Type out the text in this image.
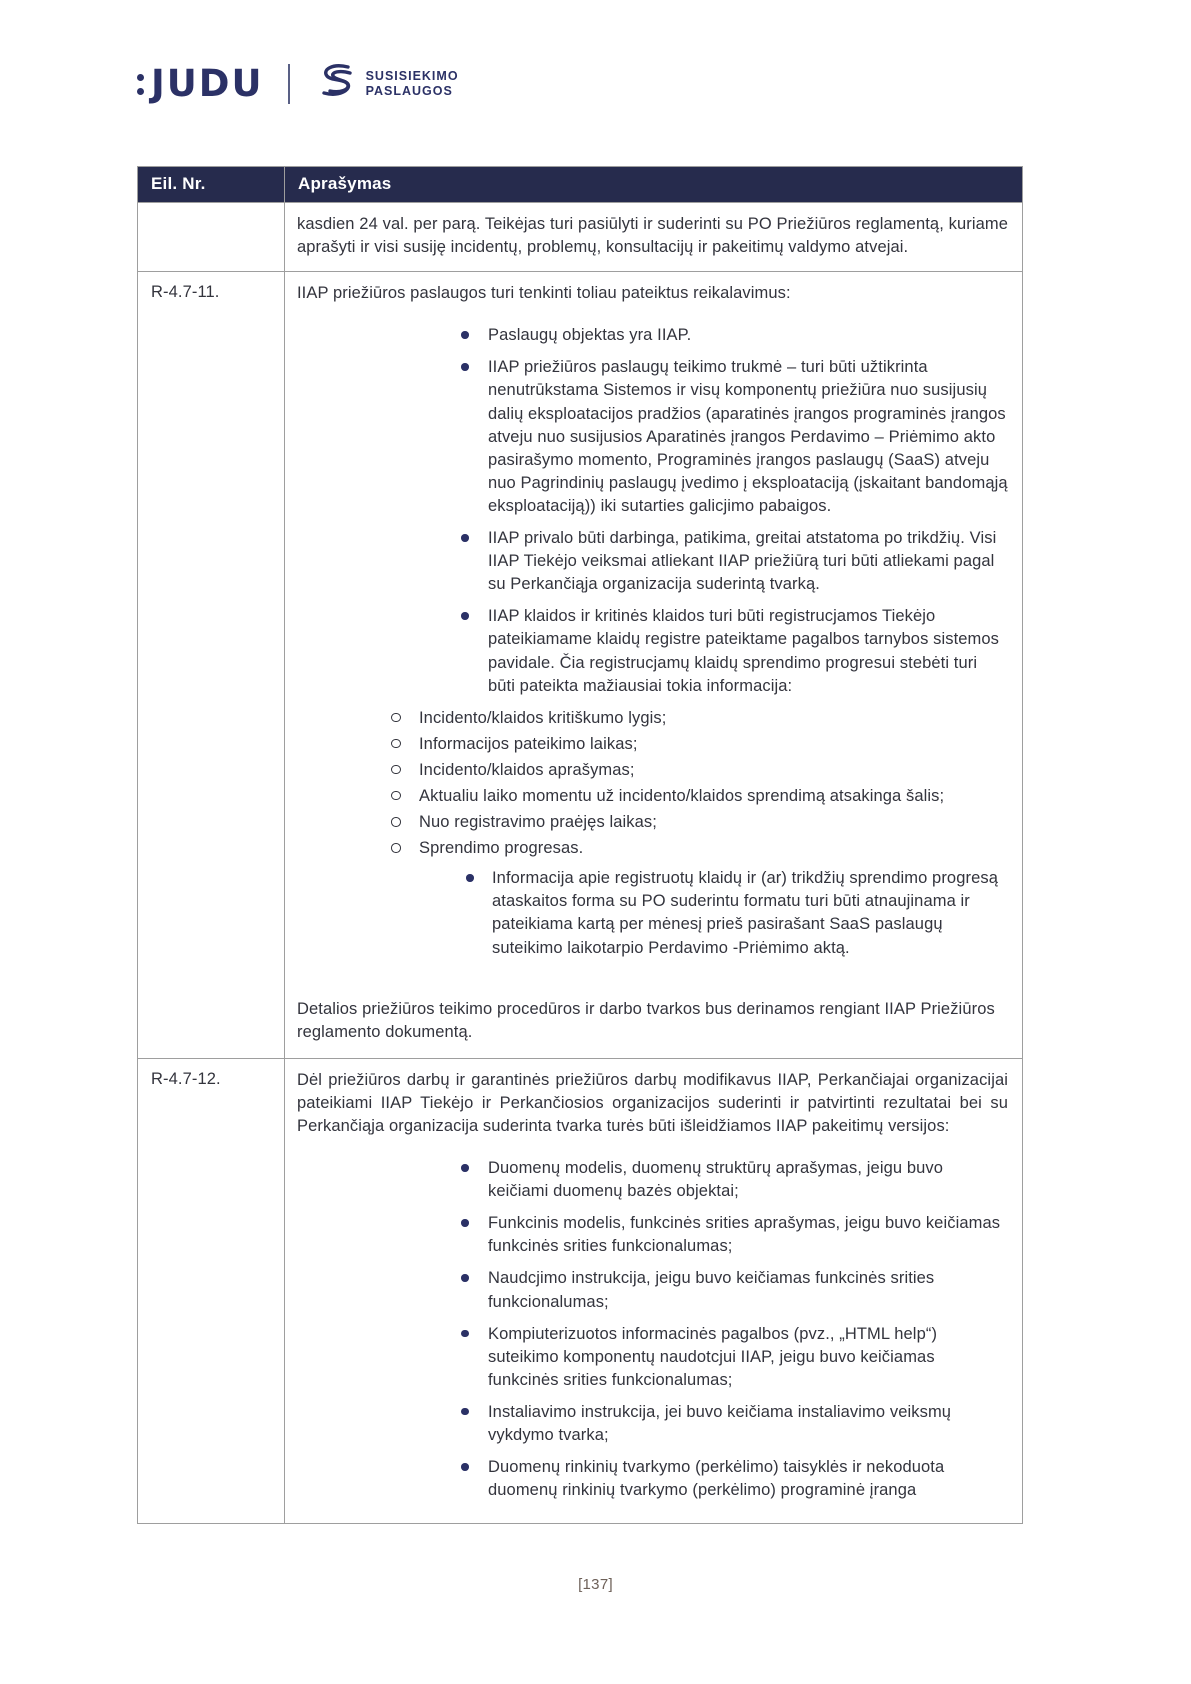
JUDU	SUSISIEKIMO
PASLAUGOS
Eil. Nr.	Aprašymas

	kasdien 24 val. per parą. Teikėjas turi pasiūlyti ir suderinti su PO Priežiūros reglamentą, kuriame aprašyti ir visi susiję incidentų, problemų, konsultacijų ir pakeitimų valdymo atvejai.

R-4.7-11.	IIAP priežiūros paslaugos turi tenkinti toliau pateiktus reikalavimus:

Paslaugų objektas yra IIAP.
IIAP priežiūros paslaugų teikimo trukmė – turi būti užtikrinta nenutrūkstama Sistemos ir visų komponentų priežiūra nuo susijusių dalių eksploatacijos pradžios (aparatinės įrangos programinės įrangos atveju nuo susijusios Aparatinės įrangos Perdavimo – Priėmimo akto pasirašymo momento, Programinės įrangos paslaugų (SaaS) atveju nuo Pagrindinių paslaugų įvedimo į eksploataciją (įskaitant bandomąją eksploataciją)) iki sutarties galicjimo pabaigos.
IIAP privalo būti darbinga, patikima, greitai atstatoma po trikdžių. Visi IIAP Tiekėjo veiksmai atliekant IIAP priežiūrą turi būti atliekami pagal su Perkančiąja organizacija suderintą tvarką.
IIAP klaidos ir kritinės klaidos turi būti registrucjamos Tiekėjo pateikiamame klaidų registre pateiktame pagalbos tarnybos sistemos pavidale. Čia registrucjamų klaidų sprendimo progresui stebėti turi būti pateikta mažiausiai tokia informacija:
Incidento/klaidos kritiškumo lygis;
Informacijos pateikimo laikas;
Incidento/klaidos aprašymas;
Aktualiu laiko momentu už incidento/klaidos sprendimą atsakinga šalis;
Nuo registravimo praėjęs laikas;
Sprendimo progresas.
Informacija apie registruotų klaidų ir (ar) trikdžių sprendimo progresą ataskaitos forma su PO suderintu formatu turi būti atnaujinama ir pateikiama kartą per mėnesį prieš pasirašant SaaS paslaugų suteikimo laikotarpio Perdavimo -Priėmimo aktą.

Detalios priežiūros teikimo procedūros ir darbo tvarkos bus derinamos rengiant IIAP Priežiūros reglamento dokumentą.

R-4.7-12.	Dėl priežiūros darbų ir garantinės priežiūros darbų modifikavus IIAP, Perkančiajai organizacijai pateikiami IIAP Tiekėjo ir Perkančiosios organizacijos suderinti ir patvirtinti rezultatai bei su Perkančiąja organizacija suderinta tvarka turės būti išleidžiamos IIAP pakeitimų versijos:

Duomenų modelis, duomenų struktūrų aprašymas, jeigu buvo keičiami duomenų bazės objektai;
Funkcinis modelis, funkcinės srities aprašymas, jeigu buvo keičiamas funkcinės srities funkcionalumas;
Naudcjimo instrukcija, jeigu buvo keičiamas funkcinės srities funkcionalumas;
Kompiuterizuotos informacinės pagalbos (pvz., „HTML help“) suteikimo komponentų naudotcjui IIAP, jeigu buvo keičiamas funkcinės srities funkcionalumas;
Instaliavimo instrukcija, jei buvo keičiama instaliavimo veiksmų vykdymo tvarka;
Duomenų rinkinių tvarkymo (perkėlimo) taisyklės ir nekoduota duomenų rinkinių tvarkymo (perkėlimo) programinė įranga
[137]
